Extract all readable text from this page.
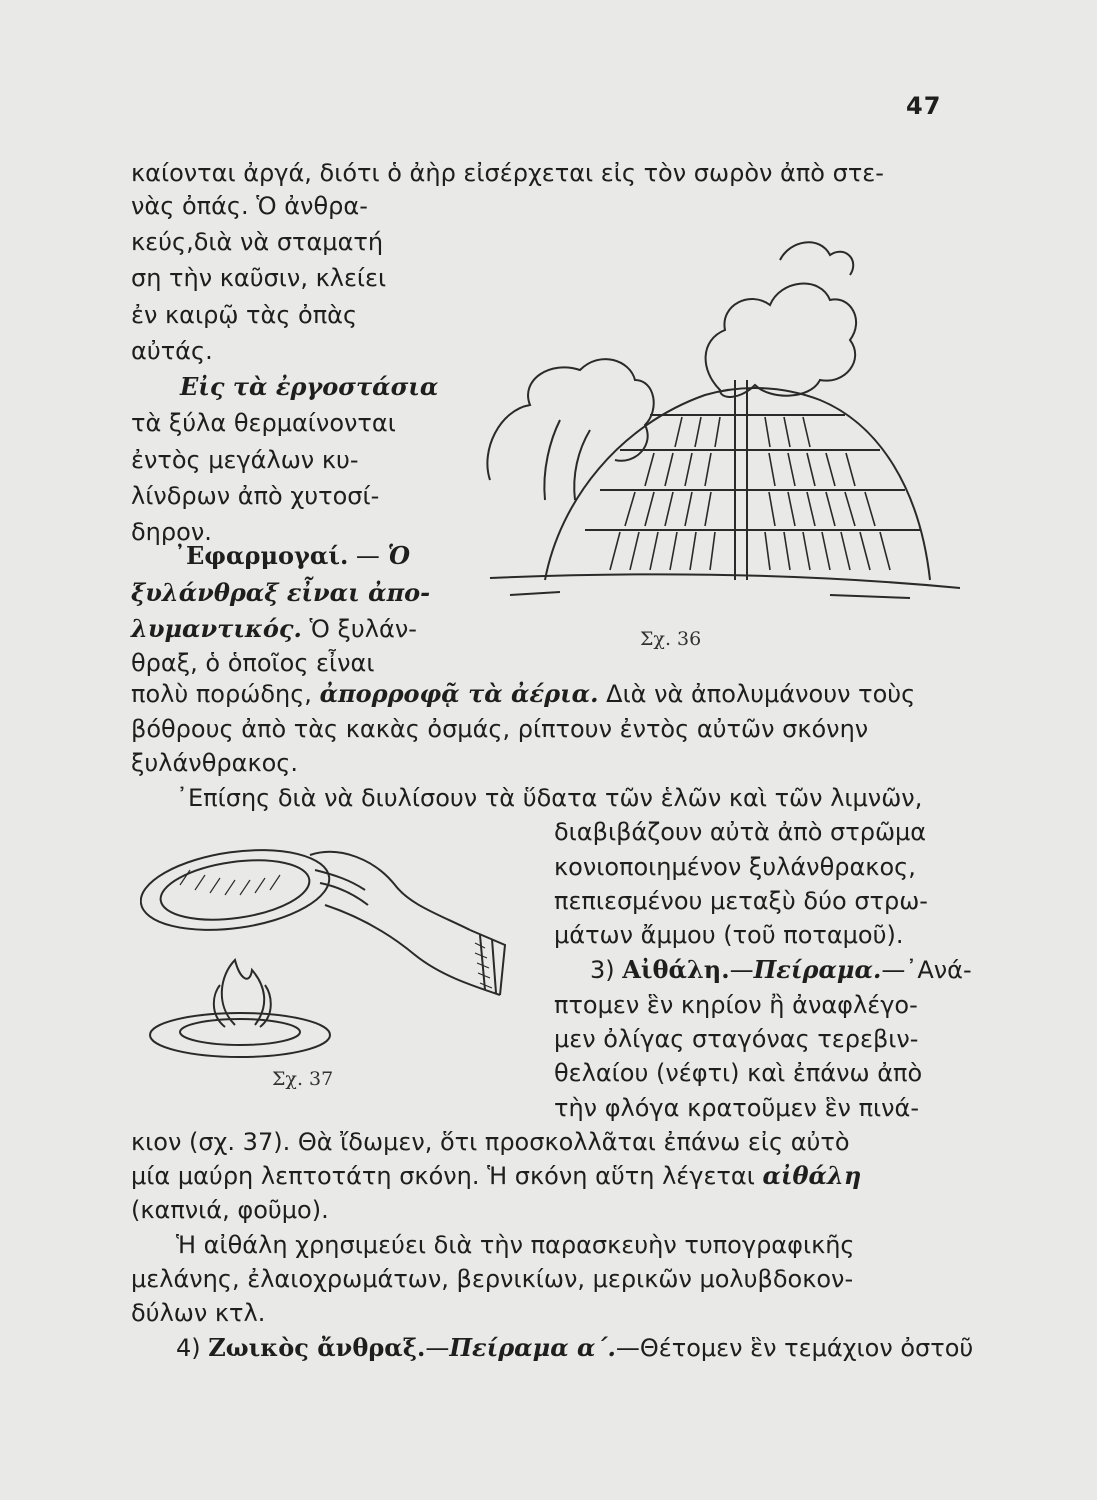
47
καίονται ἀργά, διότι ὁ ἀὴρ εἰσέρχεται εἰς τὸν σωρὸν ἀπὸ στε-
νὰς ὀπάς. Ὁ ἀνθρα-
κεύς,διὰ νὰ σταματή
ση τὴν καῦσιν, κλείει
ἐν καιρῷ τὰς ὀπὰς
αὐτάς.
Εἰς τὰ ἐργοστάσια
τὰ ξύλα θερμαίνονται
ἐντὸς μεγάλων κυ-
λίνδρων ἀπὸ χυτοσί-
δηρον.
᾿Εφαρμογαί. — Ὁ
ξυλάνθραξ εἶναι ἀπο-
λυμαντικός. Ὁ ξυλάν-
θραξ, ὁ ὁποῖος εἶναι
πολὺ πορώδης, ἀπορροφᾷ τὰ ἀέρια. Διὰ νὰ ἀπολυμάνουν τοὺς
βόθρους ἀπὸ τὰς κακὰς ὀσμάς, ρίπτουν ἐντὸς αὐτῶν σκόνην
ξυλάνθρακος.
᾿Επίσης διὰ νὰ διυλίσουν τὰ ὕδατα τῶν ἑλῶν καὶ τῶν λιμνῶν,
διαβιβάζουν αὐτὰ ἀπὸ στρῶμα
κονιοποιημένον ξυλάνθρακος,
πεπιεσμένου μεταξὺ δύο στρω-
μάτων ἄμμου (τοῦ ποταμοῦ).
3) Αἰθάλη.—Πείραμα.—᾿Ανά-
πτομεν ἓν κηρίον ἢ ἀναφλέγο-
μεν ὀλίγας σταγόνας τερεβιν-
θελαίου (νέφτι) καὶ ἐπάνω ἀπὸ
τὴν φλόγα κρατοῦμεν ἓν πινά-
κιον (σχ. 37). Θὰ ἴδωμεν, ὅτι προσκολλᾶται ἐπάνω εἰς αὐτὸ
μία μαύρη λεπτοτάτη σκόνη. Ἡ σκόνη αὕτη λέγεται αἰθάλη
(καπνιά, φοῦμο).
Ἡ αἰθάλη χρησιμεύει διὰ τὴν παρασκευὴν τυπογραφικῆς
μελάνης, ἐλαιοχρωμάτων, βερνικίων, μερικῶν μολυβδοκον-
δύλων κτλ.
4) Ζωικὸς ἄνθραξ.—Πείραμα α΄.—Θέτομεν ἓν τεμάχιον ὀστοῦ
Σχ. 36
Σχ. 37
